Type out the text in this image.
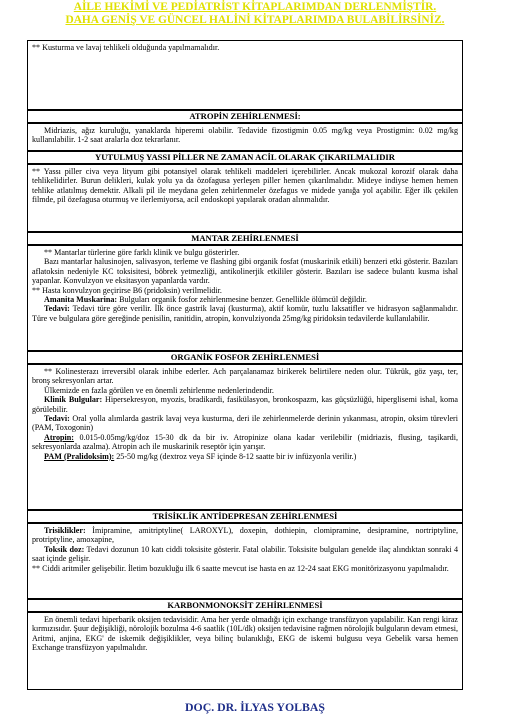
AİLE HEKİMİ VE PEDİATRİST KİTAPLARIMDAN DERLENMİŞTİR.
DAHA GENİŞ VE GÜNCEL HALİNİ KİTAPLARIMDA BULABİLİRSİNİZ.
** Kusturma ve lavaj tehlikeli olduğunda yapılmamalıdır.
ATROPİN ZEHİRLENMESİ:
Midriazis, ağız kuruluğu, yanaklarda hiperemi olabilir. Tedavide fizostigmin 0.05 mg/kg veya Prostigmin: 0.02 mg/kg kullanılabilir. 1-2 saat aralarla doz tekrarlanır.
YUTULMUŞ YASSI PİLLER NE ZAMAN ACİL OLARAK ÇIKARILMALIDIR
** Yassı piller civa veya lityum gibi potansiyel olarak tehlikeli maddeleri içerebilirler. Ancak mukozal korozif olarak daha tehlikelidirler. Burun delikleri, kulak yolu ya da özofagusa yerleşen piller hemen çıkarılmalıdır. Mideye indiyse hemen hemen tehlike atlatılmış demektir. Alkali pil ile meydana gelen zehirlenmeler özefagus ve midede yanığa yol açabilir. Eğer ilk çekilen filmde, pil özefagusa oturmuş ve ilerlemiyorsa, acil endoskopi yapılarak oradan alınmalıdır.
MANTAR ZEHİRLENMESİ

** Mantarlar türlerine göre farklı klinik ve bulgu gösterirler.

Bazı mantarlar halusinojen, salivasyon, terleme ve flashing gibi organik fosfat (muskarinik etkili) benzeri etki gösterir. Bazıları aflatoksin nedeniyle KC toksisitesi, böbrek yetmezliği, antikolinerjik etkililer gösterir. Bazıları ise sadece bulantı kusma ishal yapanlar. Konvulzyon ve eksitasyon yapanlarda vardır.

** Hasta konvulzyon geçirirse B6 (pridoksin) verilmelidir.

Amanita Muskarina: Bulguları organik fosfor zehirlenmesine benzer. Genellikle ölümcül değildir.

Tedavi: Tedavi türe göre verilir. İlk önce gastrik lavaj (kusturma), aktif komür, tuzlu laksatifler ve hidrasyon sağlanmalıdır. Türe ve bulgulara göre gereğinde penisilin, ranitidin, atropin, konvulziyonda 25mg/kg piridoksin tedavilerde kullanılabilir.

ORGANİK FOSFOR ZEHİRLENMESİ

** Kolinesterazı irreversibl olarak inhibe ederler. Ach parçalanamaz birikerek belirtilere neden olur. Tükrük, göz yaşı, ter, bronş sekresyonları artar.

Ülkemizde en fazla görülen ve en önemli zehirlenme nedenlerindendir.

Klinik Bulgular: Hipersekresyon, myozis, bradikardi, fasikülasyon, bronkospazm, kas güçsüzlüğü, hiperglisemi ishal, koma görülebilir.

Tedavi: Oral yolla alımlarda gastrik lavaj veya kusturma, deri ile zehirlenmelerde derinin yıkanması, atropin, oksim türevleri (PAM, Toxogonin)

Atropin: 0.015-0.05mg/kg/doz 15-30 dk da bir iv. Atropinize olana kadar verilebilir (midriazis, flusing, taşikardi, sekresyonlarda azalma). Atropin ach ile muskarinik reseptör için yarışır.

PAM (Pralidoksim): 25-50 mg/kg (dextroz veya SF içinde 8-12 saatte bir iv infüzyonla verilir.)

TRİSİKLİK ANTİDEPRESAN ZEHİRLENMESİ

Trisiklikler: İmipramine, amitriptyline( LAROXYL), doxepin, dothiepin, clomipramine, desipramine, nortriptyline, protriptyline, amoxapine,

Toksik doz: Tedavi dozunun 10 katı ciddi toksisite gösterir. Fatal olabilir. Toksisite bulguları genelde ilaç alındıktan sonraki 4 saat içinde gelişir.

** Ciddi aritmiler gelişebilir. İletim bozukluğu ilk 6 saatte mevcut ise hasta en az 12-24 saat EKG monitörizasyonu yapılmalıdır.

KARBONMONOKSİT ZEHİRLENMESİ
En önemli tedavi hiperbarik oksijen tedavisidir. Ama her yerde olmadığı için exchange transfüzyon yapılabilir. Kan rengi kiraz kırmızısıdır. Şuur değişikliği, nörolojik bozulma 4-6 saatlik (10L/dk) oksijen tedavisine rağmen nörolojik bulguların devam etmesi, Aritmi, anjina, EKG' de iskemik değişiklikler, veya bilinç bulanıklığı, EKG de iskemi bulgusu veya Gebelik varsa hemen Exchange transfüzyon yapılmalıdır.
DOÇ. DR. İLYAS YOLBAŞ
